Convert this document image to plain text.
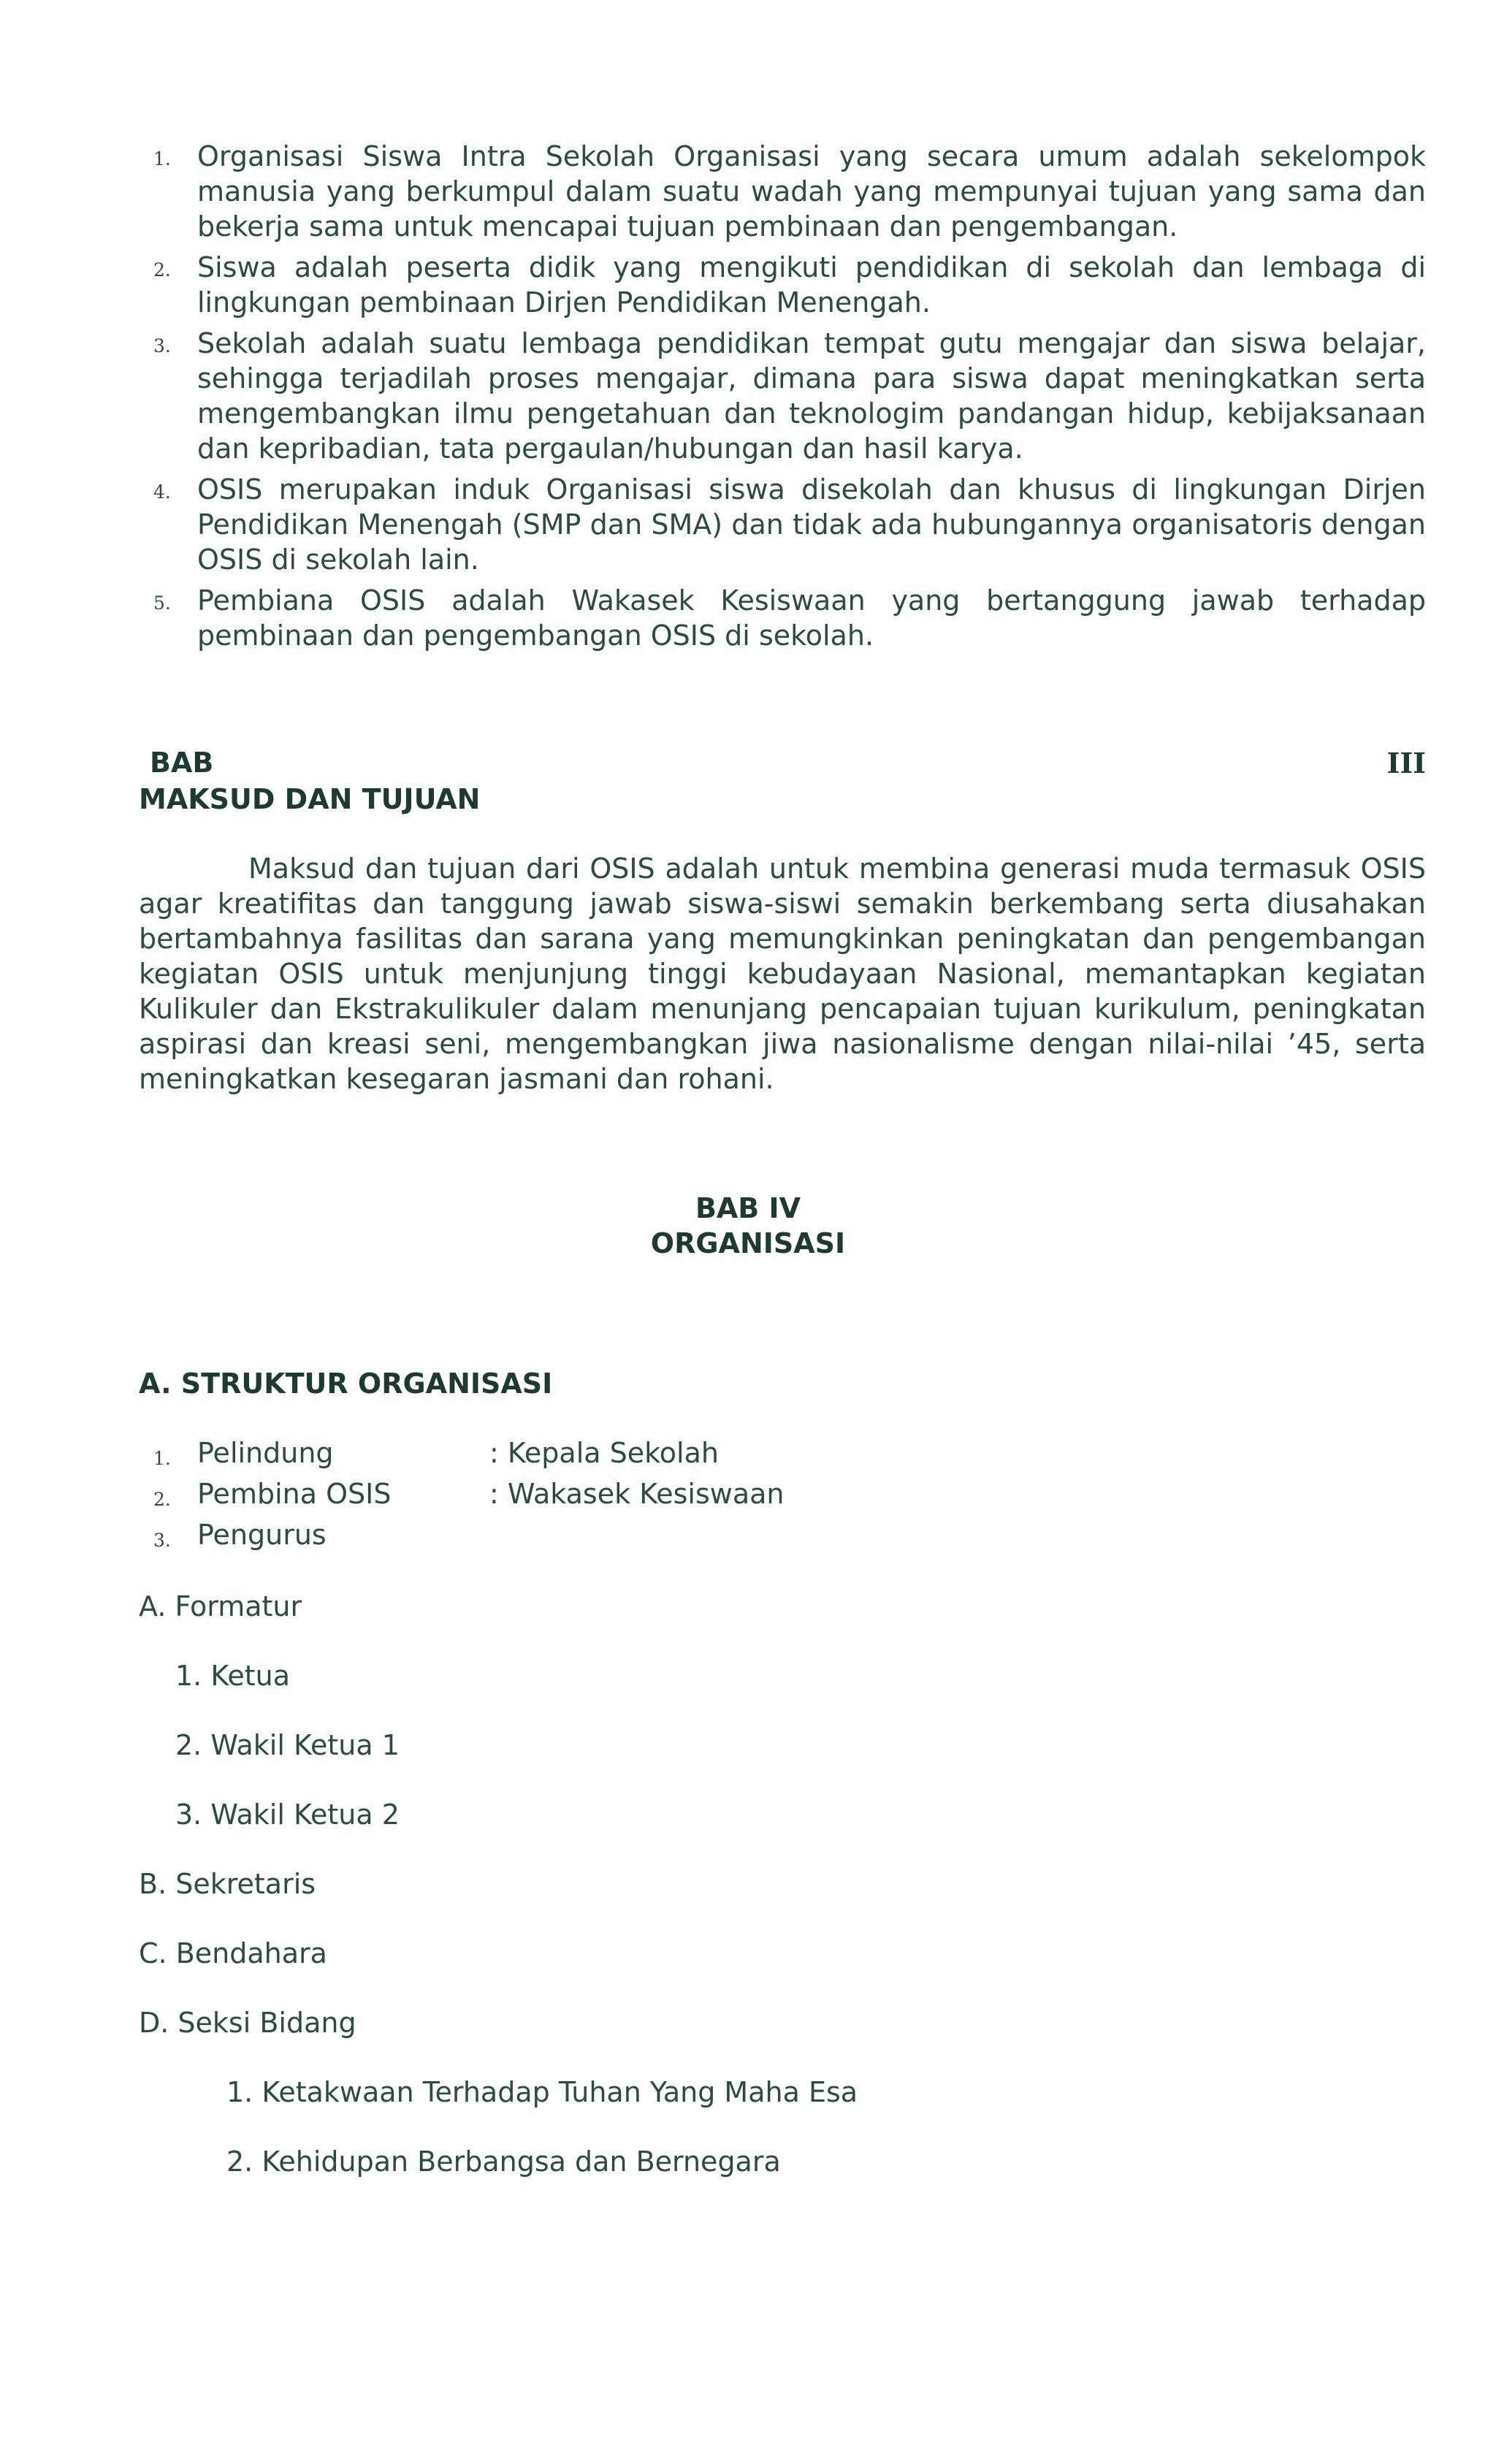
1. Organisasi Siswa Intra Sekolah Organisasi yang secara umum adalah sekelompok manusia yang berkumpul dalam suatu wadah yang mempunyai tujuan yang sama dan bekerja sama untuk mencapai tujuan pembinaan dan pengembangan.
2. Siswa adalah peserta didik yang mengikuti pendidikan di sekolah dan lembaga di lingkungan pembinaan Dirjen Pendidikan Menengah.
3. Sekolah adalah suatu lembaga pendidikan tempat gutu mengajar dan siswa belajar, sehingga terjadilah proses mengajar, dimana para siswa dapat meningkatkan serta mengembangkan ilmu pengetahuan dan teknologim pandangan hidup, kebijaksanaan dan kepribadian, tata pergaulan/hubungan dan hasil karya.
4. OSIS merupakan induk Organisasi siswa disekolah dan khusus di lingkungan Dirjen Pendidikan Menengah (SMP dan SMA) dan tidak ada hubungannya organisatoris dengan OSIS di sekolah lain.
5. Pembiana OSIS adalah Wakasek Kesiswaan yang bertanggung jawab terhadap pembinaan dan pengembangan OSIS di sekolah.
BAB	III
MAKSUD DAN TUJUAN
Maksud dan tujuan dari OSIS adalah untuk membina generasi muda termasuk OSIS agar kreatifitas dan tanggung jawab siswa-siswi semakin berkembang serta diusahakan bertambahnya fasilitas dan sarana yang memungkinkan peningkatan dan pengembangan kegiatan OSIS untuk menjunjung tinggi kebudayaan Nasional, memantapkan kegiatan Kulikuler dan Ekstrakulikuler dalam menunjang pencapaian tujuan kurikulum, peningkatan aspirasi dan kreasi seni, mengembangkan jiwa nasionalisme dengan nilai-nilai ’45, serta meningkatkan kesegaran jasmani dan rohani.
BAB IV
ORGANISASI
A. STRUKTUR ORGANISASI
1. Pelindung	: Kepala Sekolah
2. Pembina OSIS	: Wakasek Kesiswaan
3. Pengurus
A. Formatur
1. Ketua
2. Wakil Ketua 1
3. Wakil Ketua 2
B. Sekretaris
C. Bendahara
D. Seksi Bidang
1. Ketakwaan Terhadap Tuhan Yang Maha Esa
2. Kehidupan Berbangsa dan Bernegara
